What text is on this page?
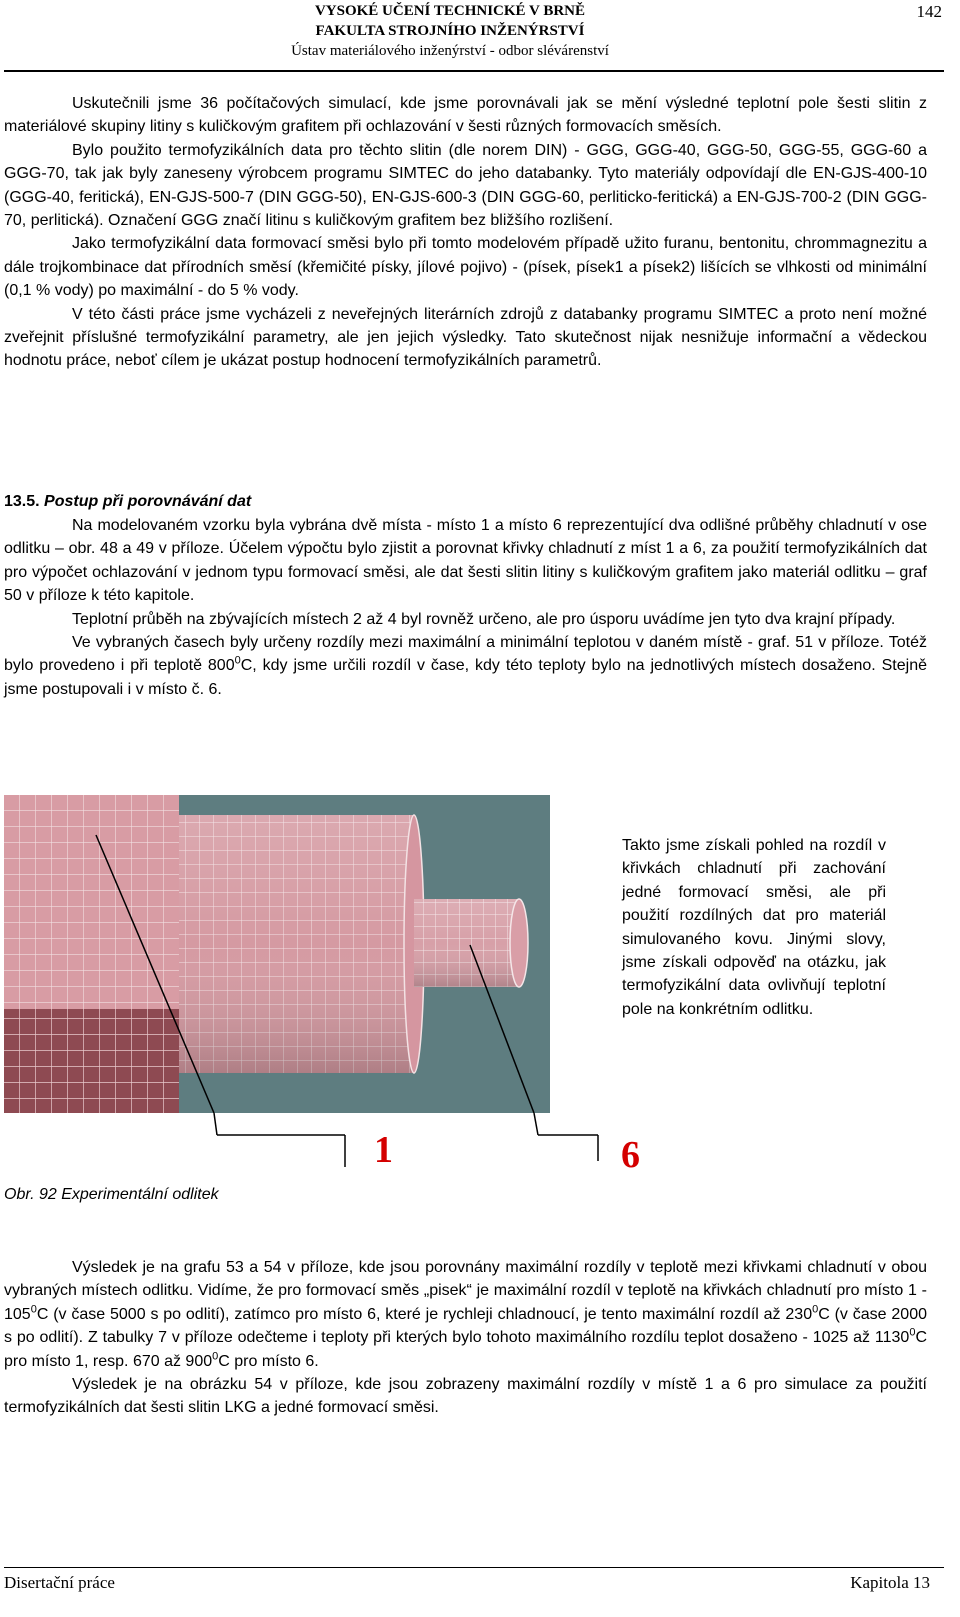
VYSOKÉ UČENÍ TECHNICKÉ V BRNĚ
FAKULTA STROJNÍHO INŽENÝRSTVÍ
Ústav materiálového inženýrství - odbor slévárenství
142

Uskutečnili jsme 36 počítačových simulací, kde jsme porovnávali jak se mění výsledné teplotní pole šesti slitin z materiálové skupiny litiny s kuličkovým grafitem při ochlazování v šesti různých formovacích směsích.

Bylo použito termofyzikálních data pro těchto slitin (dle norem DIN) - GGG, GGG-40, GGG-50, GGG-55, GGG-60 a GGG-70, tak jak byly zaneseny výrobcem programu SIMTEC do jeho databanky. Tyto materiály odpovídají dle EN-GJS-400-10 (GGG-40, feritická), EN-GJS-500-7 (DIN GGG-50), EN-GJS-600-3 (DIN GGG-60, perliticko-feritická) a EN-GJS-700-2 (DIN GGG-70, perlitická). Označení GGG značí litinu s kuličkovým grafitem bez bližšího rozlišení.

Jako termofyzikální data formovací směsi bylo při tomto modelovém případě užito furanu, bentonitu, chrommagnezitu a dále trojkombinace dat přírodních směsí (křemičité písky, jílové pojivo) - (písek, písek1 a písek2) lišících se vlhkosti od minimální (0,1 % vody) po maximální - do 5 % vody.

V této části práce jsme vycházeli z neveřejných literárních zdrojů z databanky programu SIMTEC a proto není možné zveřejnit příslušné termofyzikální parametry, ale jen jejich výsledky. Tato skutečnost nijak nesnižuje informační a vědeckou hodnotu práce, neboť cílem je ukázat postup hodnocení termofyzikálních parametrů.

13.5. Postup při porovnávání dat

Na modelovaném vzorku byla vybrána dvě místa - místo 1 a místo 6 reprezentující dva odlišné průběhy chladnutí v ose odlitku – obr. 48 a 49 v příloze. Účelem výpočtu bylo zjistit a porovnat křivky chladnutí z míst 1 a 6, za použití termofyzikálních dat pro výpočet ochlazování v jednom typu formovací směsi, ale dat šesti slitin litiny s kuličkovým grafitem jako materiál odlitku – graf 50 v příloze k této kapitole.

Teplotní průběh na zbývajících místech 2 až 4 byl rovněž určeno, ale pro úsporu uvádíme jen tyto dva krajní případy.

Ve vybraných časech byly určeny rozdíly mezi maximální a minimální teplotou v daném místě - graf. 51 v příloze. Totéž bylo provedeno i při teplotě $800^0C$, kdy jsme určili rozdíl v čase, kdy této teploty bylo na jednotlivých místech dosaženo. Stejně jsme postupovali i v místo č. 6.

1	6
Takto jsme získali pohled na rozdíl v křivkách chladnutí při zachování jedné formovací směsi, ale při použití rozdílných dat pro materiál simulovaného kovu. Jinými slovy, jsme získali odpověď na otázku, jak termofyzikální data ovlivňují teplotní pole na konkrétním odlitku.
Obr. 92 Experimentální odlitek

Výsledek je na grafu 53 a 54 v příloze, kde jsou porovnány maximální rozdíly v teplotě mezi křivkami chladnutí v obou vybraných místech odlitku. Vidíme, že pro formovací směs „pisek“ je maximální rozdíl v teplotě na křivkách chladnutí pro místo $1 - 105^0C$ (v čase 5000 s po odlití), zatímco pro místo 6, které je rychleji chladnoucí, je tento maximální rozdíl až $230^0C$ (v čase 2000 s po odlití). Z tabulky 7 v příloze odečteme i teploty při kterých bylo tohoto maximálního rozdílu teplot dosaženo - 1025 až 1130$^0$C pro místo 1, resp. 670 až $900^0C$ pro místo 6.

Výsledek je na obrázku 54 v příloze, kde jsou zobrazeny maximální rozdíly v místě 1 a 6 pro simulace za použití termofyzikálních dat šesti slitin LKG a jedné formovací směsi.

Disertační práce	Kapitola 13
